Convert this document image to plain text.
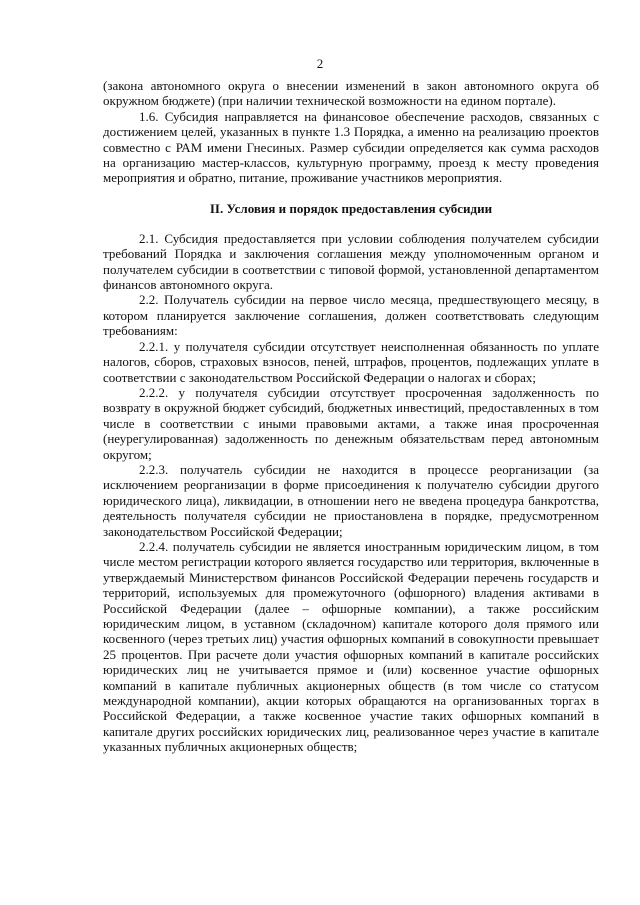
2

(закона автономного округа о внесении изменений в закон автономного округа об окружном бюджете) (при наличии технической возможности на едином портале).

1.6. Субсидия направляется на финансовое обеспечение расходов, связанных с достижением целей, указанных в пункте 1.3 Порядка, а именно на реализацию проектов совместно с РАМ имени Гнесиных. Размер субсидии определяется как сумма расходов на организацию мастер-классов, культурную программу, проезд к месту проведения мероприятия и обратно, питание, проживание участников мероприятия.

II. Условия и порядок предоставления субсидии

2.1. Субсидия предоставляется при условии соблюдения получателем субсидии требований Порядка и заключения соглашения между уполномоченным органом и получателем субсидии в соответствии с типовой формой, установленной департаментом финансов автономного округа.

2.2. Получатель субсидии на первое число месяца, предшествующего месяцу, в котором планируется заключение соглашения, должен соответствовать следующим требованиям:

2.2.1. у получателя субсидии отсутствует неисполненная обязанность по уплате налогов, сборов, страховых взносов, пеней, штрафов, процентов, подлежащих уплате в соответствии с законодательством Российской Федерации о налогах и сборах;

2.2.2. у получателя субсидии отсутствует просроченная задолженность по возврату в окружной бюджет субсидий, бюджетных инвестиций, предоставленных в том числе в соответствии с иными правовыми актами, а также иная просроченная (неурегулированная) задолженность по денежным обязательствам перед автономным округом;

2.2.3. получатель субсидии не находится в процессе реорганизации (за исключением реорганизации в форме присоединения к получателю субсидии другого юридического лица), ликвидации, в отношении него не введена процедура банкротства, деятельность получателя субсидии не приостановлена в порядке, предусмотренном законодательством Российской Федерации;

2.2.4. получатель субсидии не является иностранным юридическим лицом, в том числе местом регистрации которого является государство или территория, включенные в утверждаемый Министерством финансов Российской Федерации перечень государств и территорий, используемых для промежуточного (офшорного) владения активами в Российской Федерации (далее – офшорные компании), а также российским юридическим лицом, в уставном (складочном) капитале которого доля прямого или косвенного (через третьих лиц) участия офшорных компаний в совокупности превышает 25 процентов. При расчете доли участия офшорных компаний в капитале российских юридических лиц не учитывается прямое и (или) косвенное участие офшорных компаний в капитале публичных акционерных обществ (в том числе со статусом международной компании), акции которых обращаются на организованных торгах в Российской Федерации, а также косвенное участие таких офшорных компаний в капитале других российских юридических лиц, реализованное через участие в капитале указанных публичных акционерных обществ;
